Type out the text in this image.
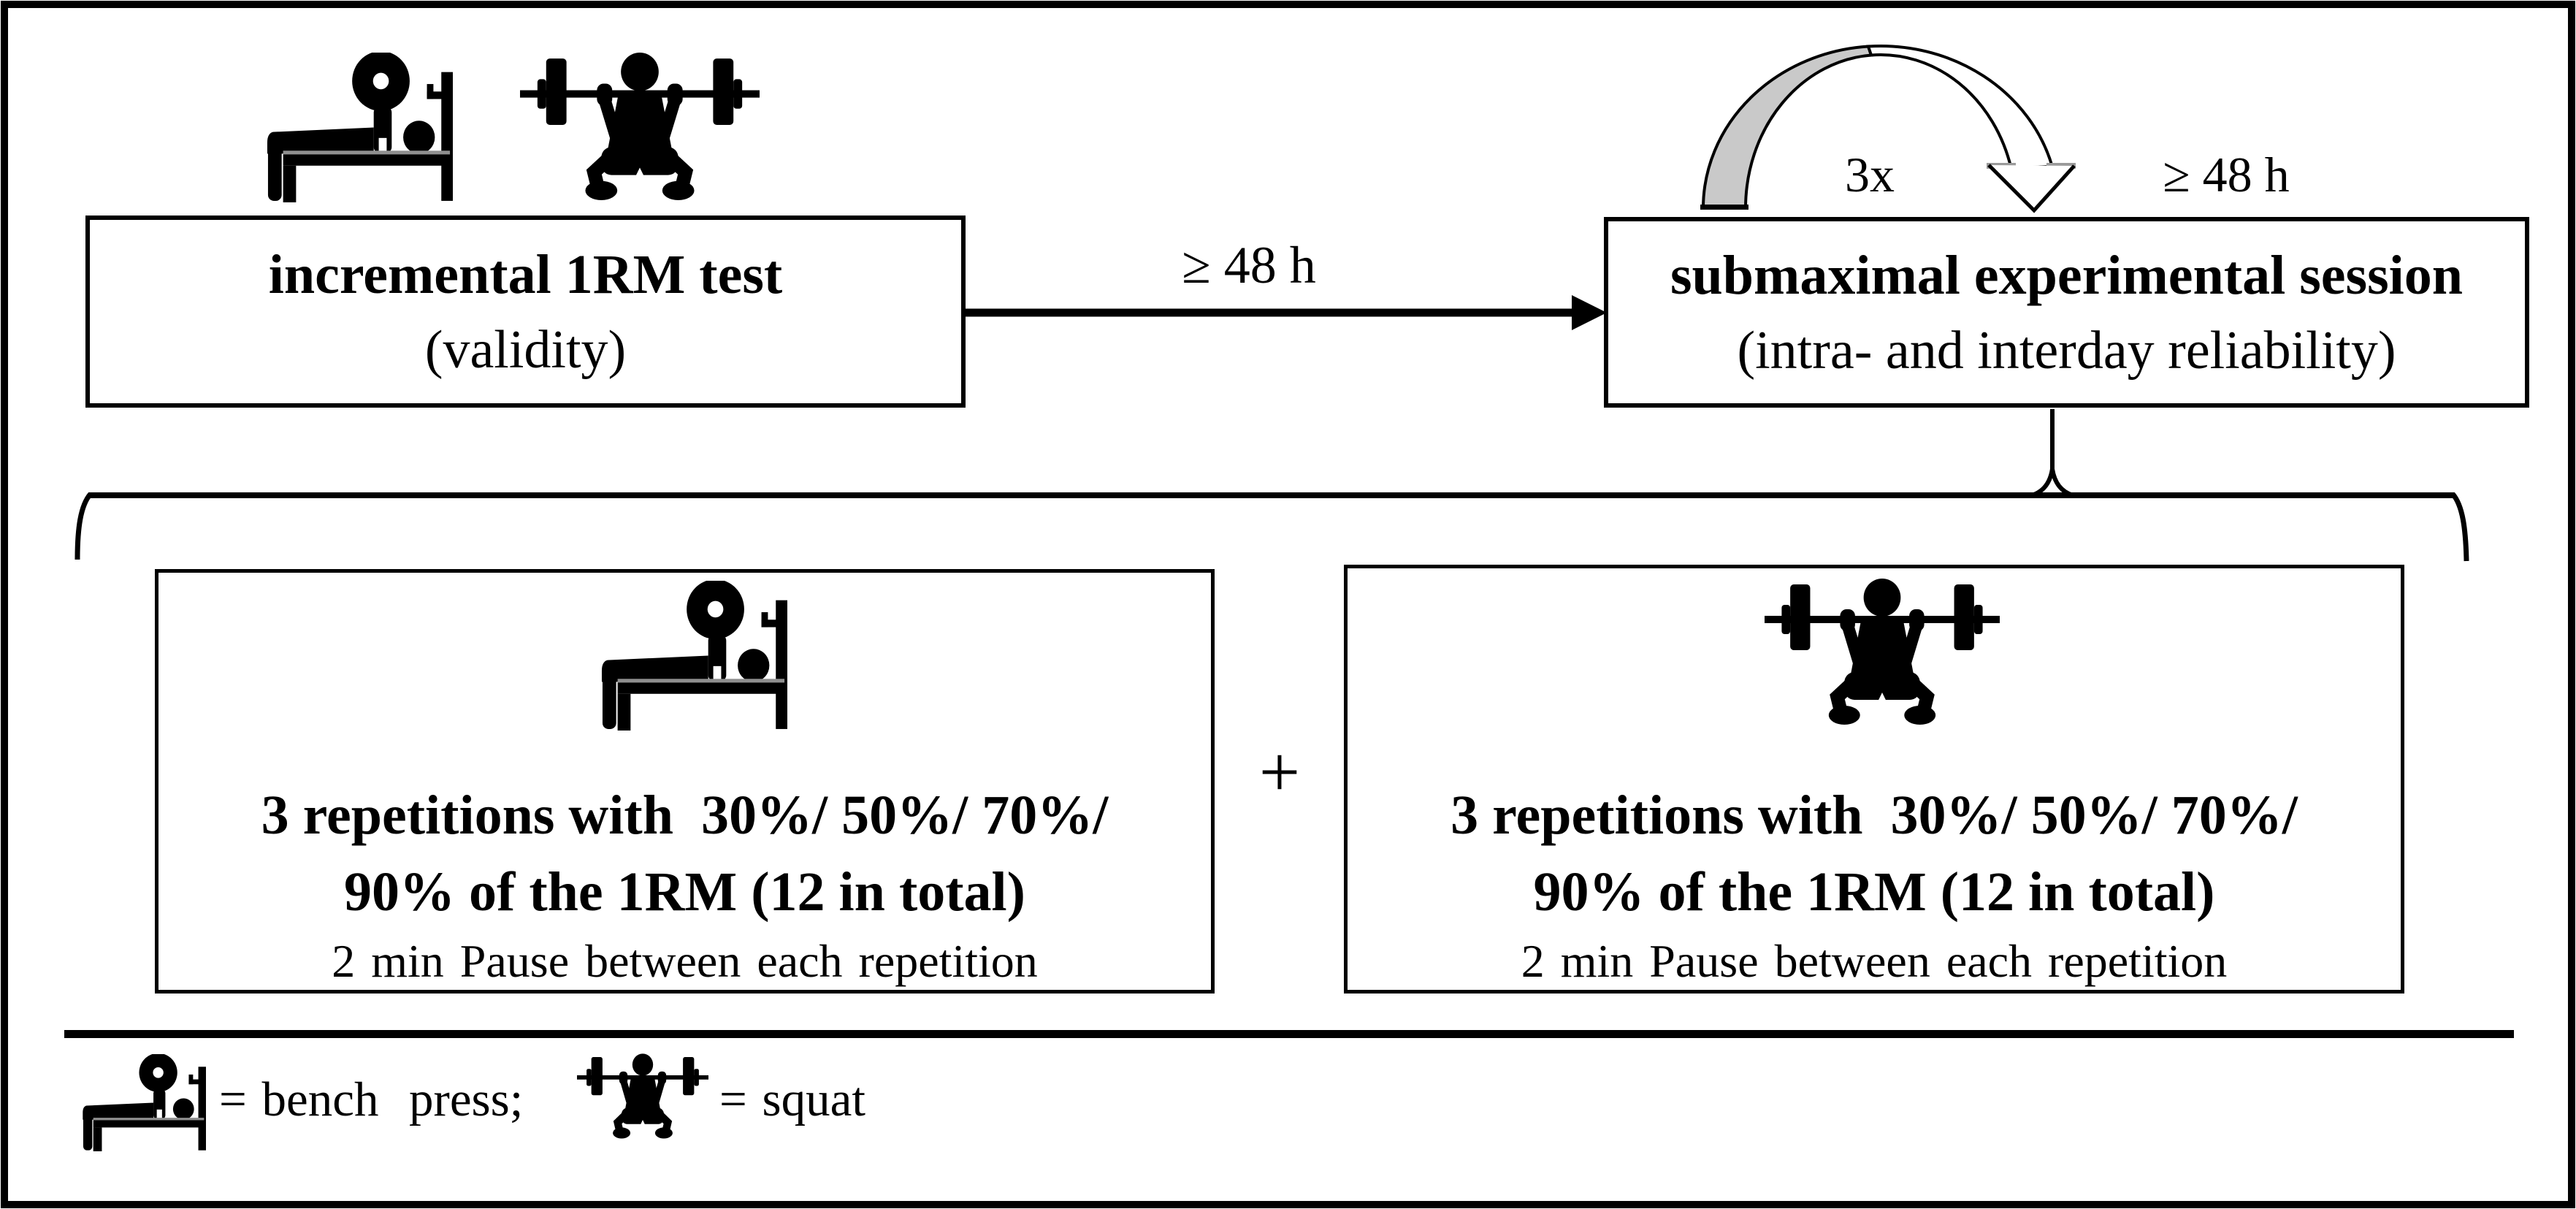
incremental 1RM test
(validity)
≥ 48 h	submaximal experimental session
(intra- and interday reliability)
3x	≥ 48 h
3 repetitions with  30%/ 50%/ 70%/
90% of the 1RM (12 in total)
2 min Pause between each repetition
+
3 repetitions with  30%/ 50%/ 70%/
90% of the 1RM (12 in total)
2 min Pause between each repetition
= bench  press;	= squat
